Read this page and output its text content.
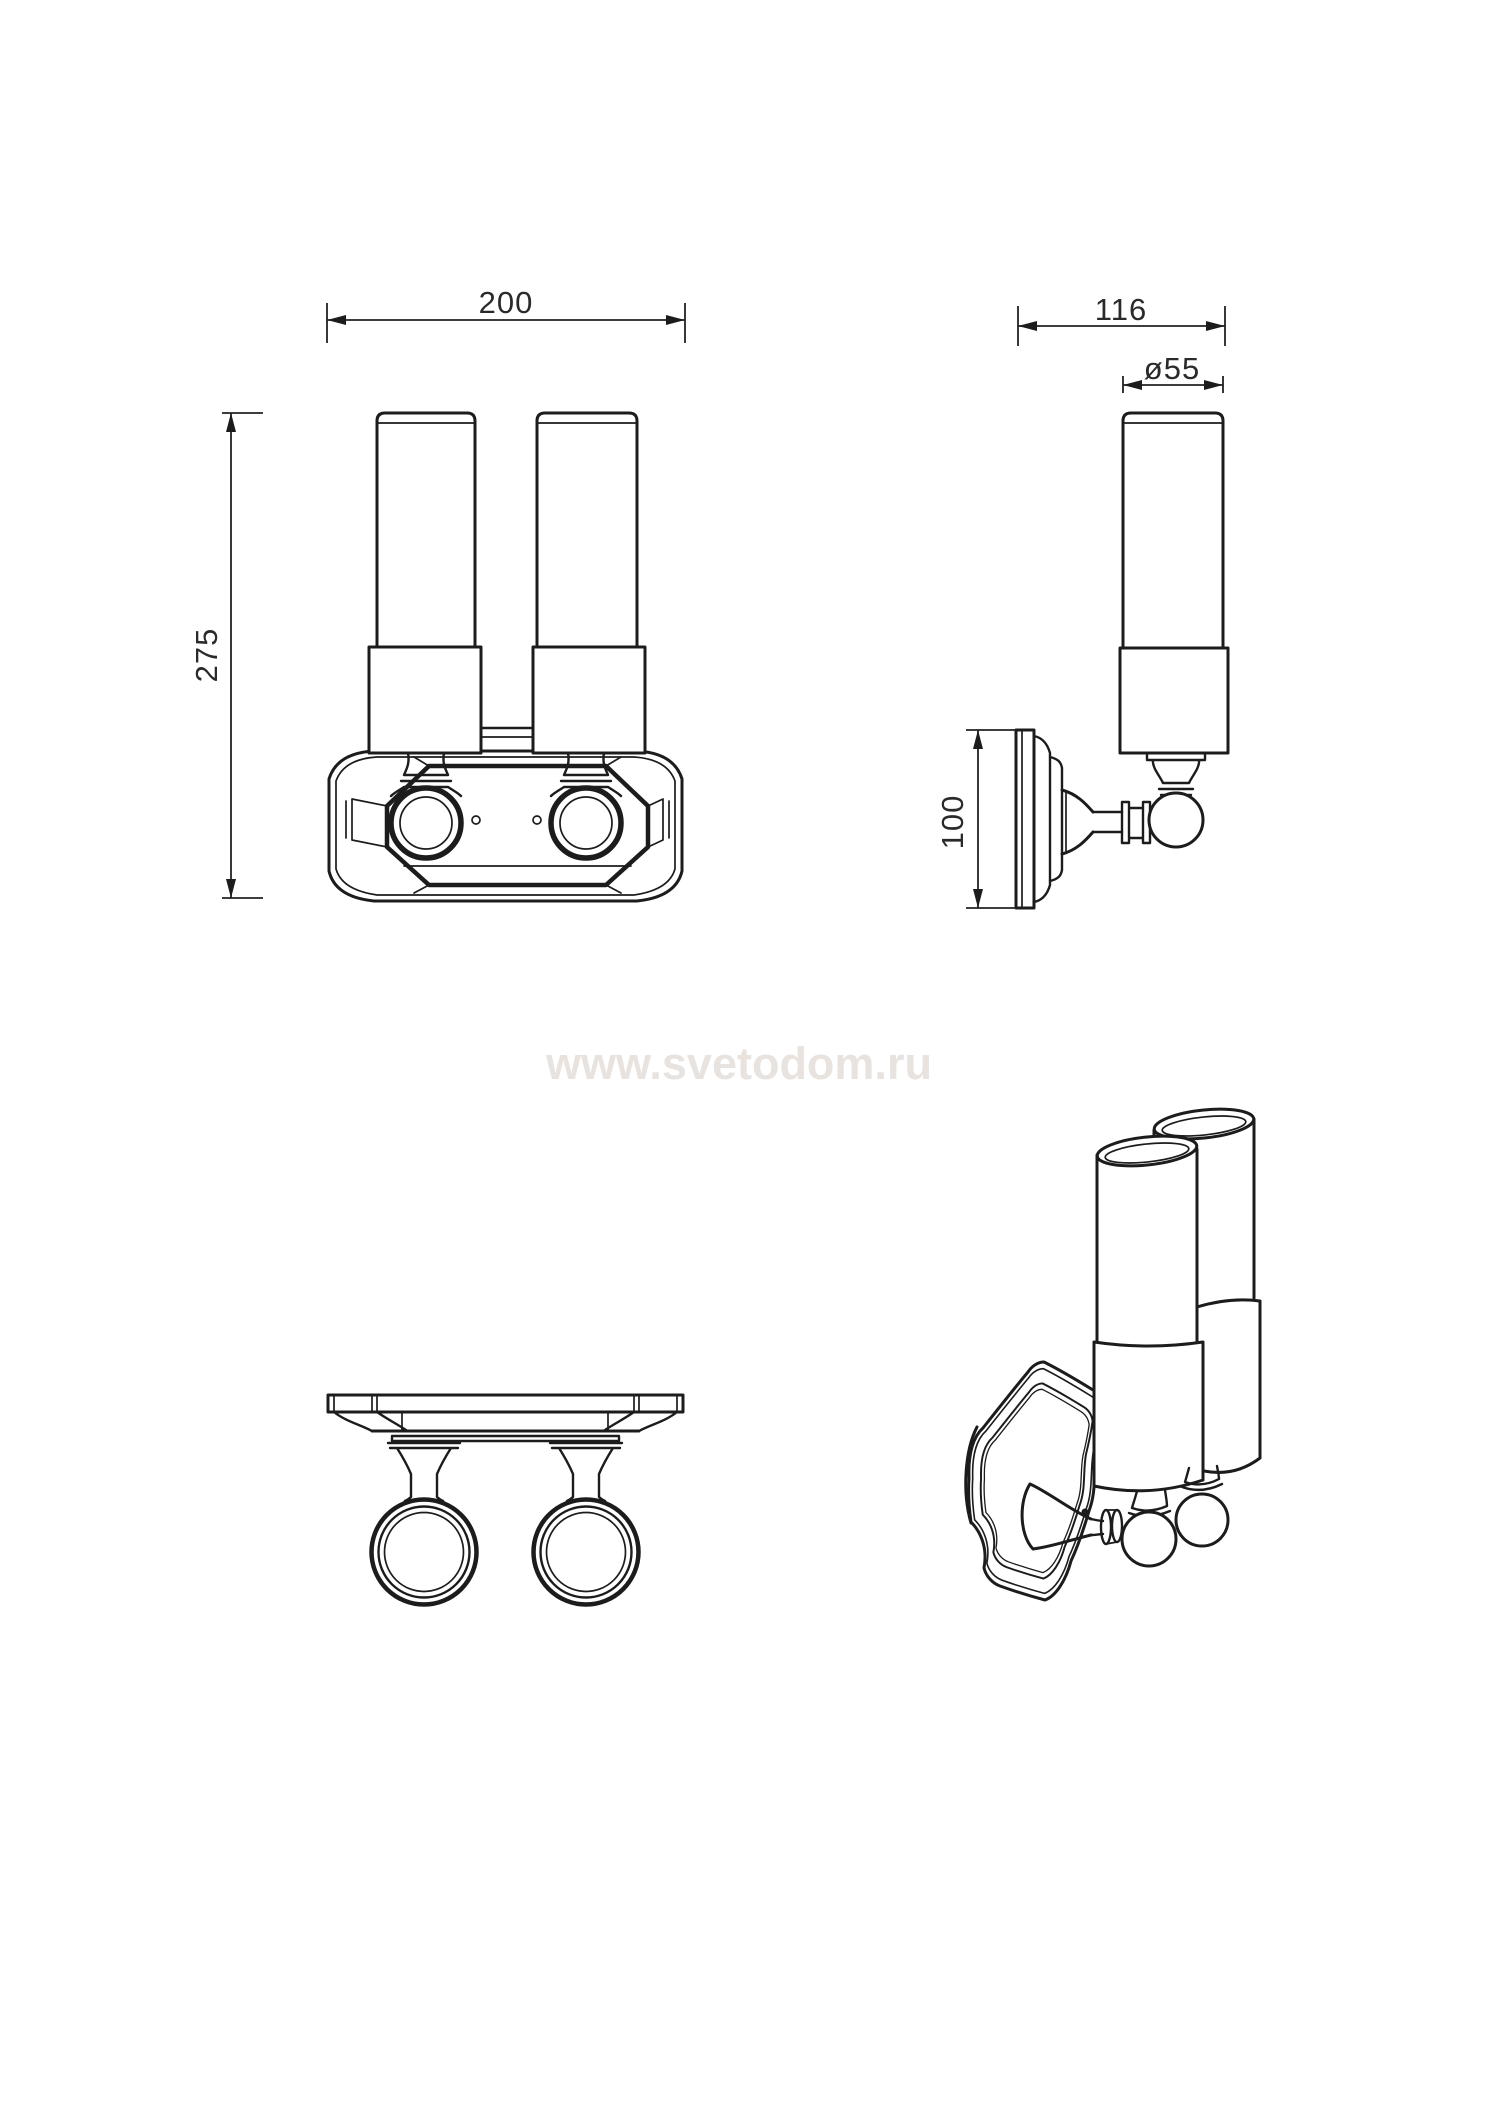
www.svetodom.ru
200
275
116
ø55
100
